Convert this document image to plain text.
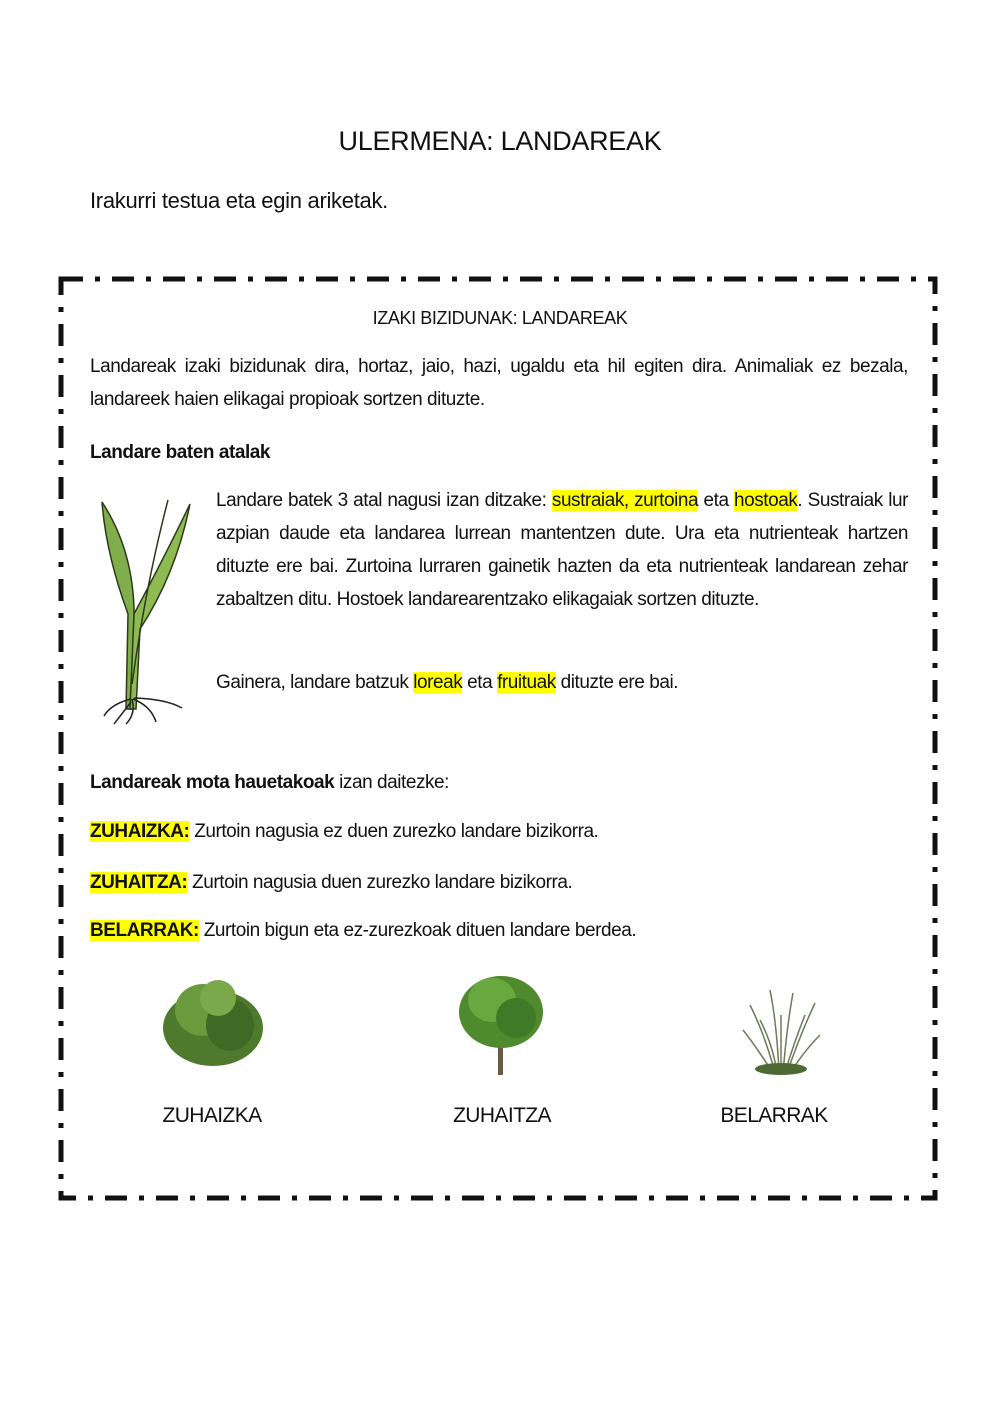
ULERMENA: LANDAREAK
Irakurri testua eta egin ariketak.
IZAKI BIZIDUNAK: LANDAREAK
Landareak izaki bizidunak dira, hortaz, jaio, hazi, ugaldu eta hil egiten dira. Animaliak ez bezala, landareek haien elikagai propioak sortzen dituzte.
Landare baten atalak
Landare batek 3 atal nagusi izan ditzake: sustraiak, zurtoina eta hostoak. Sustraiak lur azpian daude eta landarea lurrean mantentzen dute. Ura eta nutrienteak hartzen dituzte ere bai. Zurtoina lurraren gainetik hazten da eta nutrienteak landarean zehar zabaltzen ditu. Hostoek landarearentzako elikagaiak sortzen dituzte.
Gainera, landare batzuk loreak eta fruituak dituzte ere bai.
Landareak mota hauetakoak izan daitezke:
ZUHAIZKA: Zurtoin nagusia ez duen zurezko landare bizikorra.
ZUHAITZA: Zurtoin nagusia duen zurezko landare bizikorra.
BELARRAK: Zurtoin bigun eta ez-zurezkoak dituen landare berdea.
ZUHAIZKA	ZUHAITZA	BELARRAK
